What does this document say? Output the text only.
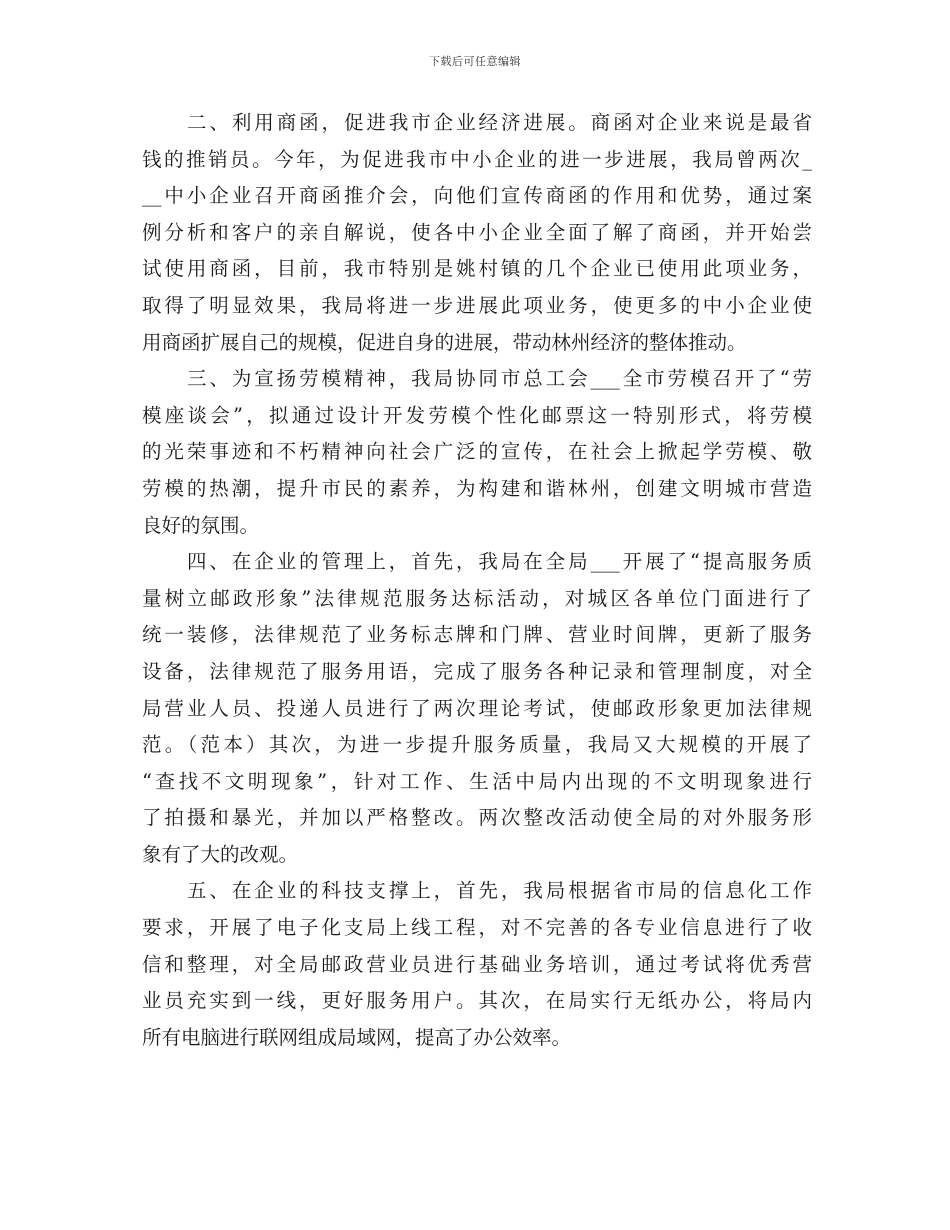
下载后可任意编辑
二、利用商函，促进我市企业经济进展。商函对企业来说是最省
钱的推销员。今年，为促进我市中小企业的进一步进展，我局曾两次_
__中小企业召开商函推介会，向他们宣传商函的作用和优势，通过案
例分析和客户的亲自解说，使各中小企业全面了解了商函，并开始尝
试使用商函，目前，我市特别是姚村镇的几个企业已使用此项业务，
取得了明显效果，我局将进一步进展此项业务，使更多的中小企业使
用商函扩展自己的规模，促进自身的进展，带动林州经济的整体推动。
三、为宣扬劳模精神，我局协同市总工会___全市劳模召开了“劳
模座谈会”，拟通过设计开发劳模个性化邮票这一特别形式，将劳模
的光荣事迹和不朽精神向社会广泛的宣传，在社会上掀起学劳模、敬
劳模的热潮，提升市民的素养，为构建和谐林州，创建文明城市营造
良好的氛围。
四、在企业的管理上，首先，我局在全局___开展了“提高服务质
量树立邮政形象”法律规范服务达标活动，对城区各单位门面进行了
统一装修，法律规范了业务标志牌和门牌、营业时间牌，更新了服务
设备，法律规范了服务用语，完成了服务各种记录和管理制度，对全
局营业人员、投递人员进行了两次理论考试，使邮政形象更加法律规
范。（范本）其次，为进一步提升服务质量，我局又大规模的开展了
“查找不文明现象”，针对工作、生活中局内出现的不文明现象进行
了拍摄和暴光，并加以严格整改。两次整改活动使全局的对外服务形
象有了大的改观。
五、在企业的科技支撑上，首先，我局根据省市局的信息化工作
要求，开展了电子化支局上线工程，对不完善的各专业信息进行了收
信和整理，对全局邮政营业员进行基础业务培训，通过考试将优秀营
业员充实到一线，更好服务用户。其次，在局实行无纸办公，将局内
所有电脑进行联网组成局域网，提高了办公效率。
